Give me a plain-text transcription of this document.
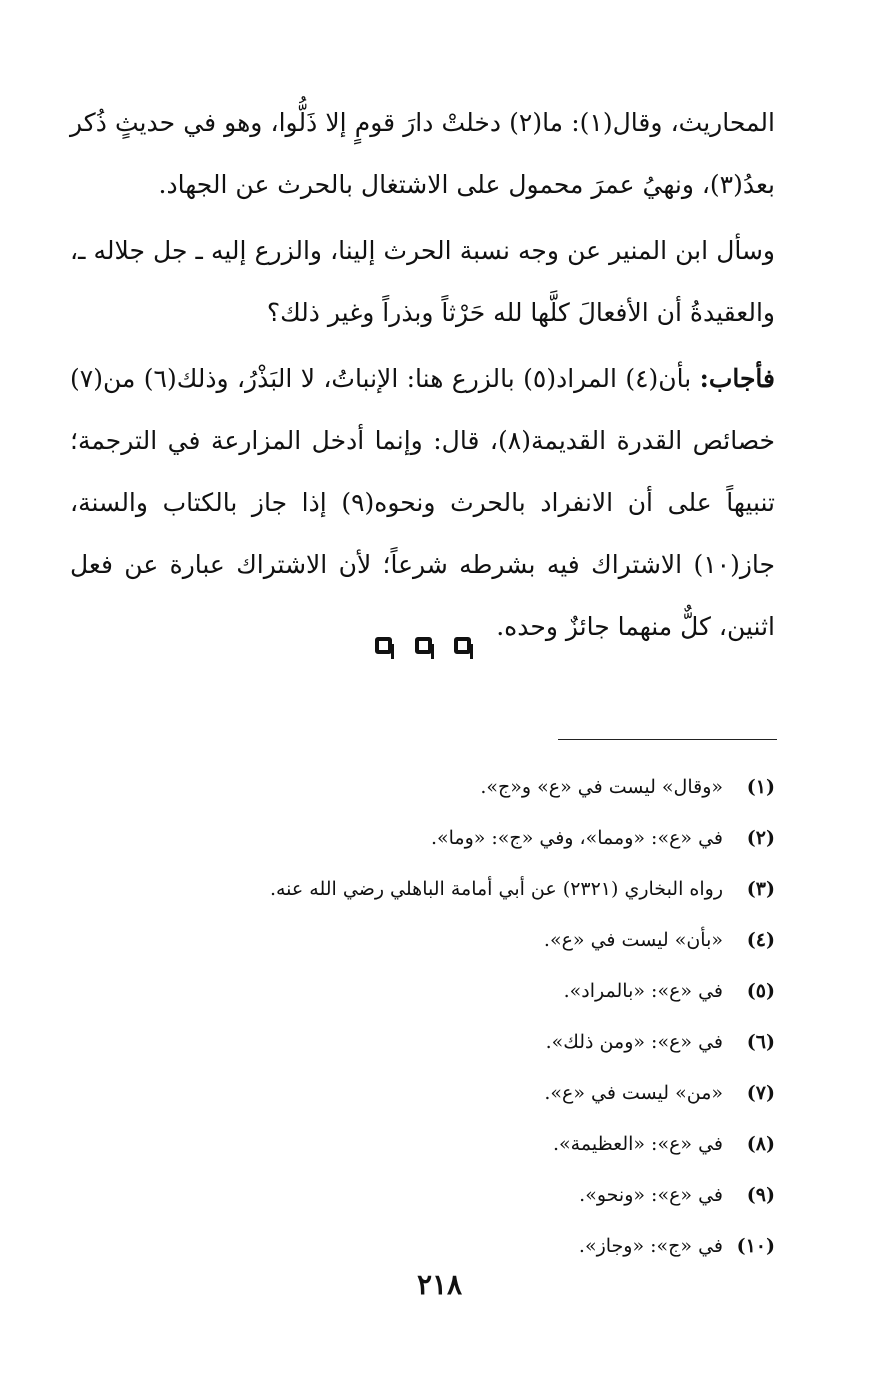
المحاريث، وقال(١): ما(٢) دخلتْ دارَ قومٍ إلا ذَلُّوا، وهو في حديثٍ ذُكر بعدُ(٣)، ونهيُ عمرَ محمول على الاشتغال بالحرث عن الجهاد.

وسأل ابن المنير عن وجه نسبة الحرث إلينا، والزرع إليه ـ جل جلاله ـ، والعقيدةُ أن الأفعالَ كلَّها لله حَرْثاً وبذراً وغير ذلك؟

فأجاب: بأن(٤) المراد(٥) بالزرع هنا: الإنباتُ، لا البَذْرُ، وذلك(٦) من(٧) خصائص القدرة القديمة(٨)، قال: وإنما أدخل المزارعة في الترجمة؛ تنبيهاً على أن الانفراد بالحرث ونحوه(٩) إذا جاز بالكتاب والسنة، جاز(١٠) الاشتراك فيه بشرطه شرعاً؛ لأن الاشتراك عبارة عن فعل اثنين، كلٌّ منهما جائزٌ وحده.

(١)
«وقال» ليست في «ع» و«ج».
(٢)
في «ع»: «ومما»، وفي «ج»: «وما».
(٣)
رواه البخاري (٢٣٢١) عن أبي أمامة الباهلي رضي الله عنه.
(٤)
«بأن» ليست في «ع».
(٥)
في «ع»: «بالمراد».
(٦)
في «ع»: «ومن ذلك».
(٧)
«من» ليست في «ع».
(٨)
في «ع»: «العظيمة».
(٩)
في «ع»: «ونحو».
(١٠)
في «ج»: «وجاز».
٢١٨
